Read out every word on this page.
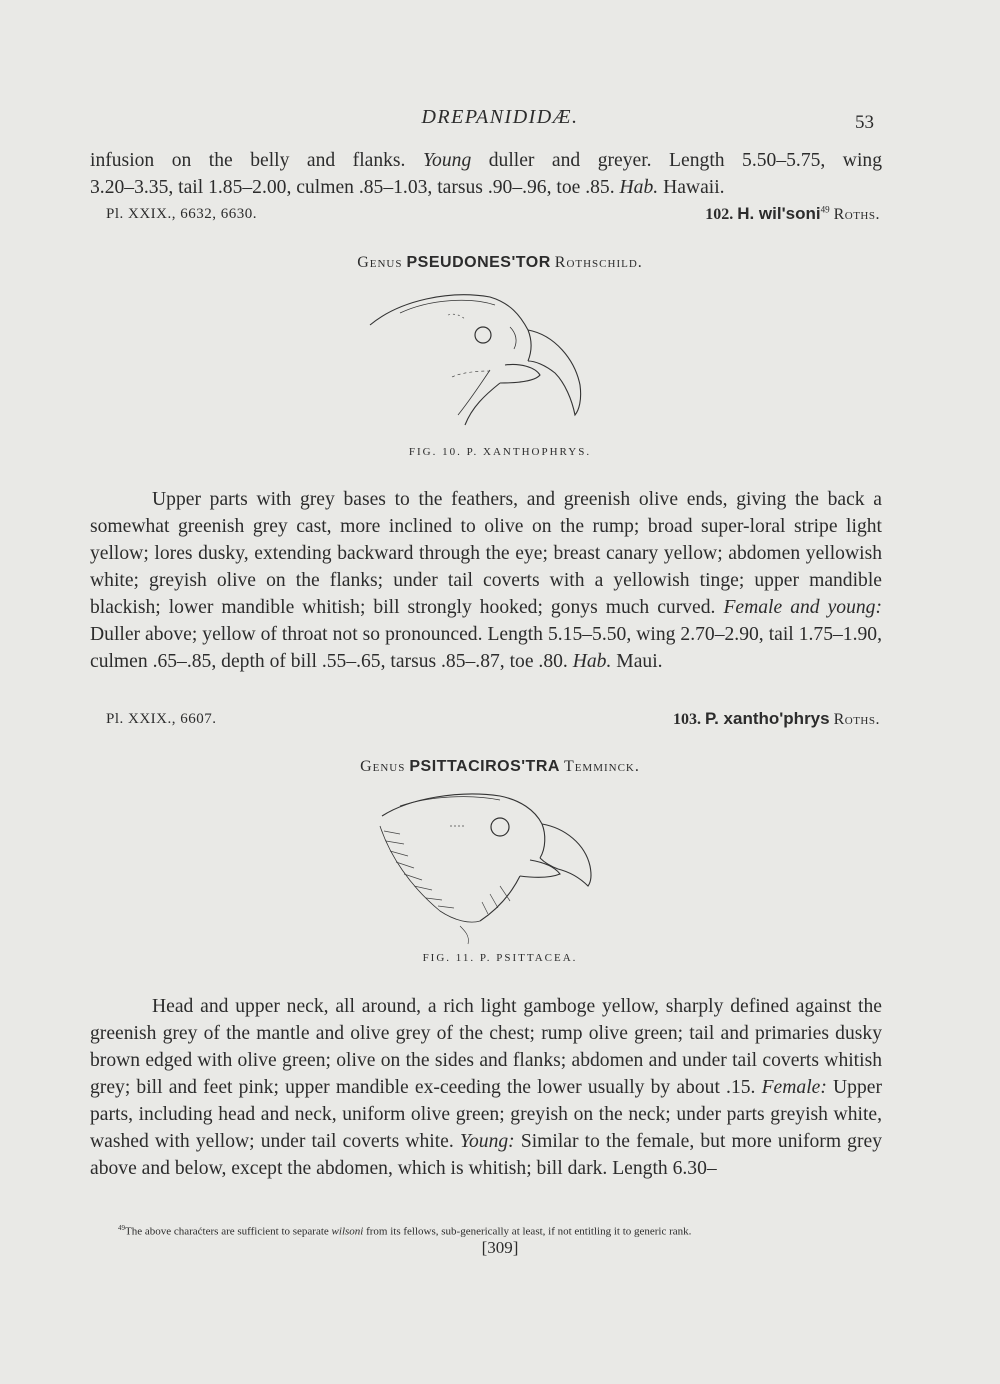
DREPANIDIDÆ.	53
infusion on the belly and flanks. Young duller and greyer. Length 5.50–5.75, wing
3.20–3.35, tail 1.85–2.00, culmen .85–1.03, tarsus .90–.96, toe .85. Hab. Hawaii.
Pl. XXIX., 6632, 6630.	102. H. wil'soni$^{49}$ Roths.
Genus PSEUDONES'TOR Rothschild.
FIG. 10. P. XANTHOPHRYS.
Upper parts with grey bases to the feathers, and greenish olive ends, giving the back a somewhat greenish grey cast, more inclined to olive on the rump; broad super-loral stripe light yellow; lores dusky, extending backward through the eye; breast canary yellow; abdomen yellowish white; greyish olive on the flanks; under tail coverts with a yellowish tinge; upper mandible blackish; lower mandible whitish; bill strongly hooked; gonys much curved. Female and young: Duller above; yellow of throat not so pronounced. Length 5.15–5.50, wing 2.70–2.90, tail 1.75–1.90, culmen .65–.85, depth of bill .55–.65, tarsus .85–.87, toe .80. Hab. Maui.
Pl. XXIX., 6607.	103. P. xantho'phrys Roths.
Genus PSITTACIROS'TRA Temminck.
FIG. 11. P. PSITTACEA.
Head and upper neck, all around, a rich light gamboge yellow, sharply defined against the greenish grey of the mantle and olive grey of the chest; rump olive green; tail and primaries dusky brown edged with olive green; olive on the sides and flanks; abdomen and under tail coverts whitish grey; bill and feet pink; upper mandible ex-ceeding the lower usually by about .15. Female: Upper parts, including head and neck, uniform olive green; greyish on the neck; under parts greyish white, washed with yellow; under tail coverts white. Young: Similar to the female, but more uniform grey above and below, except the abdomen, which is whitish; bill dark. Length 6.30–
$^{49}$The above charaćters are sufficient to separate wilsoni from its fellows, sub-generically at least, if not entitling it to generic rank.
[309]
